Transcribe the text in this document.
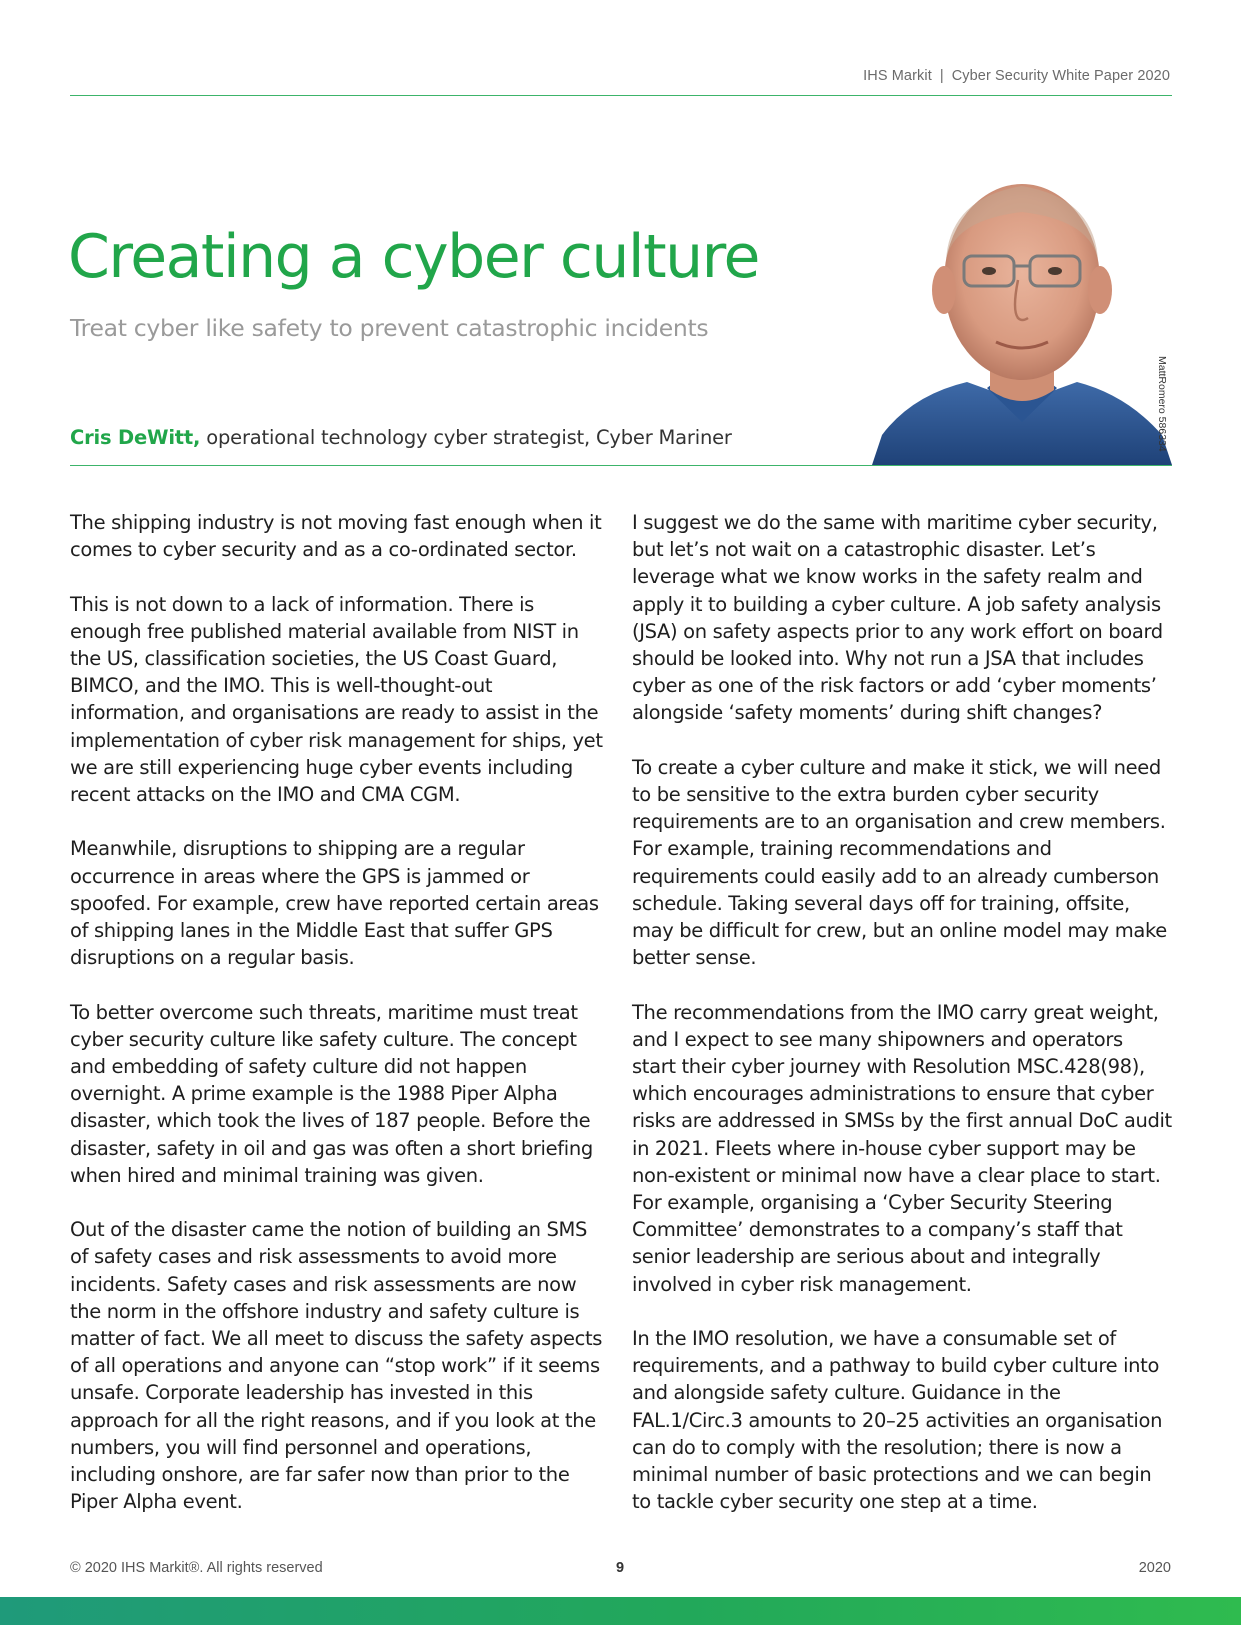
IHS Markit | Cyber Security White Paper 2020
Creating a cyber culture
Treat cyber like safety to prevent catastrophic incidents
Cris DeWitt, operational technology cyber strategist, Cyber Mariner	MattRomero 586334

The shipping industry is not moving fast enough when it comes to cyber security and as a co-ordinated sector.

This is not down to a lack of information. There is enough free published material available from NIST in the US, classification societies, the US Coast Guard, BIMCO, and the IMO. This is well-thought-out information, and organisations are ready to assist in the implementation of cyber risk management for ships, yet we are still experiencing huge cyber events including recent attacks on the IMO and CMA CGM.

Meanwhile, disruptions to shipping are a regular occurrence in areas where the GPS is jammed or spoofed. For example, crew have reported certain areas of shipping lanes in the Middle East that suffer GPS disruptions on a regular basis.

To better overcome such threats, maritime must treat cyber security culture like safety culture. The concept and embedding of safety culture did not happen overnight. A prime example is the 1988 Piper Alpha disaster, which took the lives of 187 people. Before the disaster, safety in oil and gas was often a short briefing when hired and minimal training was given.

Out of the disaster came the notion of building an SMS of safety cases and risk assessments to avoid more incidents. Safety cases and risk assessments are now the norm in the offshore industry and safety culture is matter of fact. We all meet to discuss the safety aspects of all operations and anyone can “stop work” if it seems unsafe. Corporate leadership has invested in this approach for all the right reasons, and if you look at the numbers, you will find personnel and operations, including onshore, are far safer now than prior to the Piper Alpha event.

I suggest we do the same with maritime cyber security, but let’s not wait on a catastrophic disaster. Let’s leverage what we know works in the safety realm and apply it to building a cyber culture. A job safety analysis (JSA) on safety aspects prior to any work effort on board should be looked into. Why not run a JSA that includes cyber as one of the risk factors or add ‘cyber moments’ alongside ‘safety moments’ during shift changes?

To create a cyber culture and make it stick, we will need to be sensitive to the extra burden cyber security requirements are to an organisation and crew members. For example, training recommendations and requirements could easily add to an already cumberson schedule. Taking several days off for training, offsite, may be difficult for crew, but an online model may make better sense.

The recommendations from the IMO carry great weight, and I expect to see many shipowners and operators start their cyber journey with Resolution MSC.428(98), which encourages administrations to ensure that cyber risks are addressed in SMSs by the first annual DoC audit in 2021. Fleets where in-house cyber support may be non-existent or minimal now have a clear place to start. For example, organising a ‘Cyber Security Steering Committee’ demonstrates to a company’s staff that senior leadership are serious about and integrally involved in cyber risk management.

In the IMO resolution, we have a consumable set of requirements, and a pathway to build cyber culture into and alongside safety culture. Guidance in the FAL.1/Circ.3 amounts to 20–25 activities an organisation can do to comply with the resolution; there is now a minimal number of basic protections and we can begin to tackle cyber security one step at a time.

© 2020 IHS Markit®. All rights reserved	9	2020
